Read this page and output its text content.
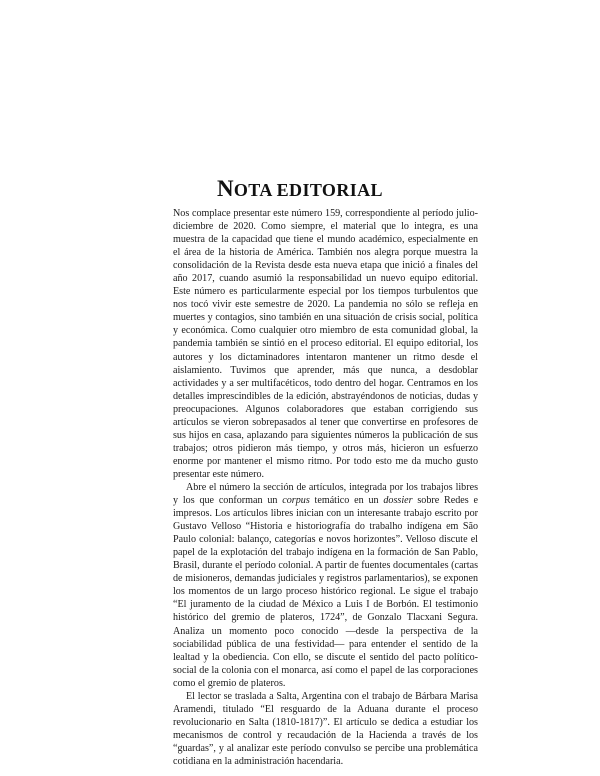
NOTA EDITORIAL

Nos complace presentar este número 159, correspondiente al período julio-diciembre de 2020. Como siempre, el material que lo integra, es una muestra de la capacidad que tiene el mundo académico, especialmente en el área de la historia de América. También nos alegra porque muestra la consolidación de la Revista desde esta nueva etapa que inició a finales del año 2017, cuando asumió la responsabilidad un nuevo equipo editorial. Este número es particularmente especial por los tiempos turbulentos que nos tocó vivir este semestre de 2020. La pandemia no sólo se refleja en muertes y contagios, sino también en una situación de crisis social, política y económica. Como cualquier otro miembro de esta comunidad global, la pandemia también se sintió en el proceso editorial. El equipo editorial, los autores y los dictaminadores intentaron mantener un ritmo desde el aislamiento. Tuvimos que aprender, más que nunca, a desdoblar actividades y a ser multifacéticos, todo dentro del hogar. Centramos en los detalles imprescindibles de la edición, abstrayéndonos de noticias, dudas y preocupaciones. Algunos colaboradores que estaban corrigiendo sus artículos se vieron sobrepasados al tener que convertirse en profesores de sus hijos en casa, aplazando para siguientes números la publicación de sus trabajos; otros pidieron más tiempo, y otros más, hicieron un esfuerzo enorme por mantener el mismo ritmo. Por todo esto me da mucho gusto presentar este número.

Abre el número la sección de artículos, integrada por los trabajos libres y los que conforman un corpus temático en un dossier sobre Redes e impresos. Los artículos libres inician con un interesante trabajo escrito por Gustavo Velloso “Historia e historiografía do trabalho indígena em São Paulo colonial: balanço, categorías e novos horizontes”. Velloso discute el papel de la explotación del trabajo indígena en la formación de San Pablo, Brasil, durante el período colonial. A partir de fuentes documentales (cartas de misioneros, demandas judiciales y registros parlamentarios), se exponen los momentos de un largo proceso histórico regional. Le sigue el trabajo “El juramento de la ciudad de México a Luis I de Borbón. El testimonio histórico del gremio de plateros, 1724”, de Gonzalo Tlacxani Segura. Analiza un momento poco conocido —desde la perspectiva de la sociabilidad pública de una festividad— para entender el sentido de la lealtad y la obediencia. Con ello, se discute el sentido del pacto político-social de la colonia con el monarca, así como el papel de las corporaciones como el gremio de plateros.

El lector se traslada a Salta, Argentina con el trabajo de Bárbara Marisa Aramendi, titulado “El resguardo de la Aduana durante el proceso revolucionario en Salta (1810-1817)”. El artículo se dedica a estudiar los mecanismos de control y recaudación de la Hacienda a través de los “guardas”, y al analizar este período convulso se percibe una problemática cotidiana en la administración hacendaria.
